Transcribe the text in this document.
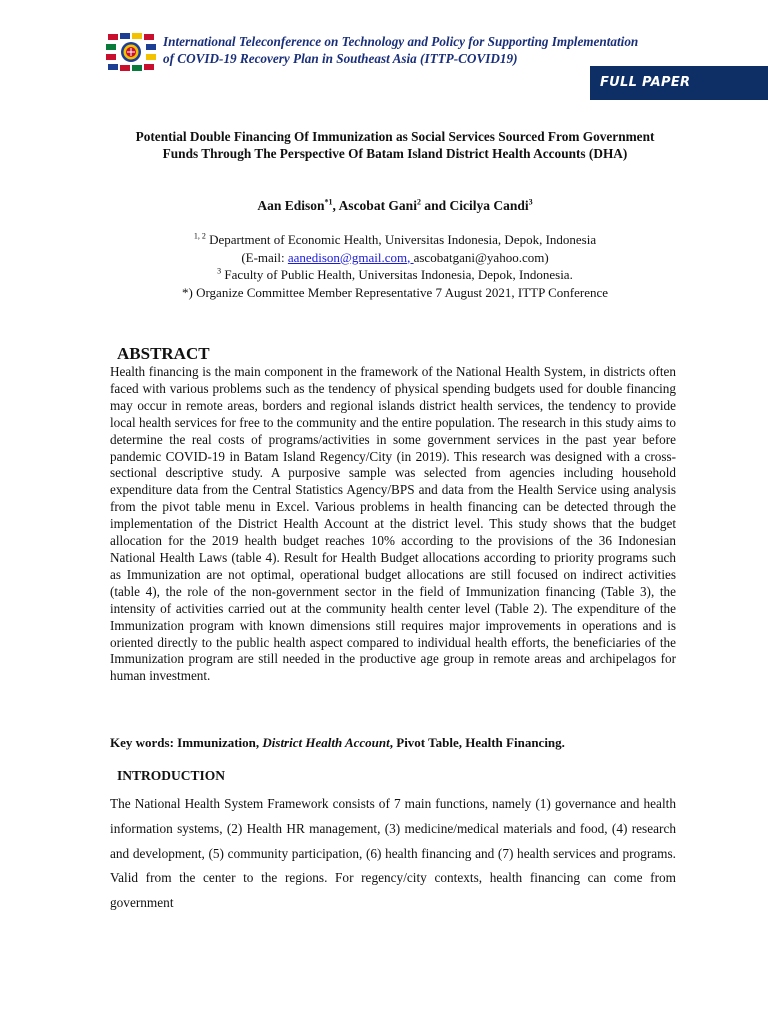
International Teleconference on Technology and Policy for Supporting Implementation
of COVID-19 Recovery Plan in Southeast Asia (ITTP-COVID19)
FULL PAPER
Potential Double Financing Of Immunization as Social Services Sourced From Government Funds Through The Perspective Of Batam Island District Health Accounts (DHA)
Aan Edison$^{*1}$, Ascobat Gani$^2$ and Cicilya Candi$^3$
$^{1, 2}$ Department of Economic Health, Universitas Indonesia, Depok, Indonesia
(E-mail: aanedison@gmail.com, ascobatgani@yahoo.com)
$^3$ Faculty of Public Health, Universitas Indonesia, Depok, Indonesia.
*) Organize Committee Member Representative 7 August 2021, ITTP Conference
ABSTRACT

Health financing is the main component in the framework of the National Health System, in districts often faced with various problems such as the tendency of physical spending budgets used for double financing may occur in remote areas, borders and regional islands district health services, the tendency to provide local health services for free to the community and the entire population. The research in this study aims to determine the real costs of programs/activities in some government services in the past year before pandemic COVID-19 in Batam Island Regency/City (in 2019). This research was designed with a cross-sectional descriptive study. A purposive sample was selected from agencies including household expenditure data from the Central Statistics Agency/BPS and data from the Health Service using analysis from the pivot table menu in Excel. Various problems in health financing can be detected through the implementation of the District Health Account at the district level. This study shows that the budget allocation for the 2019 health budget reaches 10% according to the provisions of the 36 Indonesian National Health Laws (table 4). Result for Health Budget allocations according to priority programs such as Immunization are not optimal, operational budget allocations are still focused on indirect activities (table 4), the role of the non-government sector in the field of Immunization financing (Table 3), the intensity of activities carried out at the community health center level (Table 2). The expenditure of the Immunization program with known dimensions still requires major improvements in operations and is oriented directly to the public health aspect compared to individual health efforts, the beneficiaries of the Immunization program are still needed in the productive age group in remote areas and archipelagos for human investment.

Key words: Immunization, District Health Account, Pivot Table, Health Financing.
INTRODUCTION

The National Health System Framework consists of 7 main functions, namely (1) governance and health information systems, (2) Health HR management, (3) medicine/medical materials and food, (4) research and development, (5) community participation, (6) health financing and (7) health services and programs. Valid from the center to the regions. For regency/city contexts, health financing can come from government
